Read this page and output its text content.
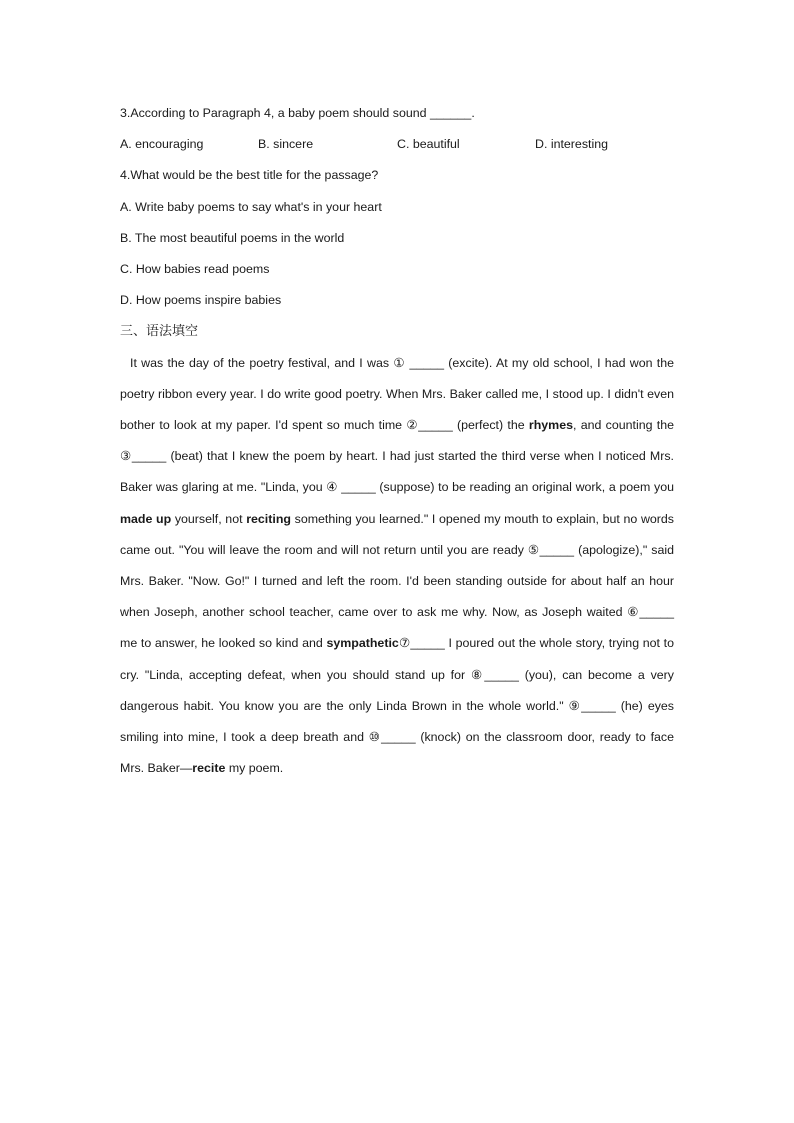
3.According to Paragraph 4, a baby poem should sound ______.
A. encouraging	B. sincere	C. beautiful	D. interesting
4.What would be the best title for the passage?
A. Write baby poems to say what's in your heart
B. The most beautiful poems in the world
C. How babies read poems
D. How poems inspire babies
三、语法填空

It was the day of the poetry festival, and I was ① _____ (excite). At my old school, I had won the poetry ribbon every year. I do write good poetry. When Mrs. Baker called me, I stood up. I didn't even bother to look at my paper. I'd spent so much time ②_____ (perfect) the rhymes, and counting the ③_____ (beat) that I knew the poem by heart. I had just started the third verse when I noticed Mrs. Baker was glaring at me. "Linda, you ④ _____ (suppose) to be reading an original work, a poem you made up yourself, not reciting something you learned." I opened my mouth to explain, but no words came out. "You will leave the room and will not return until you are ready ⑤_____ (apologize)," said Mrs. Baker. "Now. Go!" I turned and left the room. I'd been standing outside for about half an hour when Joseph, another school teacher, came over to ask me why. Now, as Joseph waited ⑥_____ me to answer, he looked so kind and sympathetic⑦_____ I poured out the whole story, trying not to cry. "Linda, accepting defeat, when you should stand up for ⑧_____ (you), can become a very dangerous habit. You know you are the only Linda Brown in the whole world." ⑨_____ (he) eyes smiling into mine, I took a deep breath and ⑩_____ (knock) on the classroom door, ready to face Mrs. Baker—recite my poem.
